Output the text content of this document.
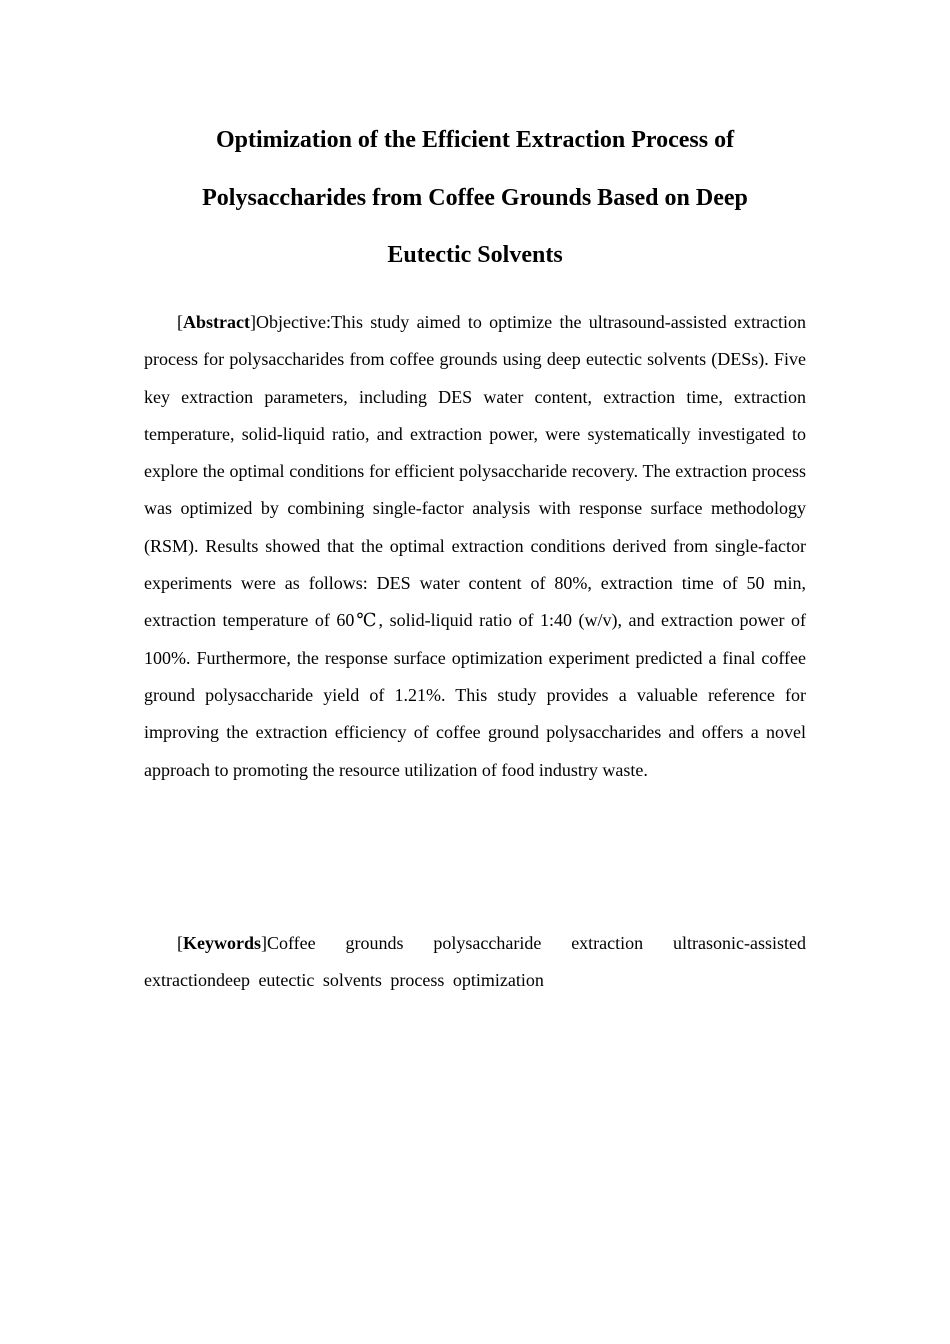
Optimization of the Efficient Extraction Process of
Polysaccharides from Coffee Grounds Based on Deep
Eutectic Solvents

[Abstract]Objective:This study aimed to optimize the ultrasound-assisted extraction process for polysaccharides from coffee grounds using deep eutectic solvents (DESs). Five key extraction parameters, including DES water content, extraction time, extraction temperature, solid-liquid ratio, and extraction power, were systematically investigated to explore the optimal conditions for efficient polysaccharide recovery. The extraction process was optimized by combining single-factor analysis with response surface methodology (RSM). Results showed that the optimal extraction conditions derived from single-factor experiments were as follows: DES water content of 80%, extraction time of 50 min, extraction temperature of 60℃, solid-liquid ratio of 1:40 (w/v), and extraction power of 100%. Furthermore, the response surface optimization experiment predicted a final coffee ground polysaccharide yield of 1.21%. This study provides a valuable reference for improving the extraction efficiency of coffee ground polysaccharides and offers a novel approach to promoting the resource utilization of food industry waste.

[Keywords]Coffee grounds polysaccharide extraction ultrasonic-assisted extractiondeep eutectic solvents process optimization
